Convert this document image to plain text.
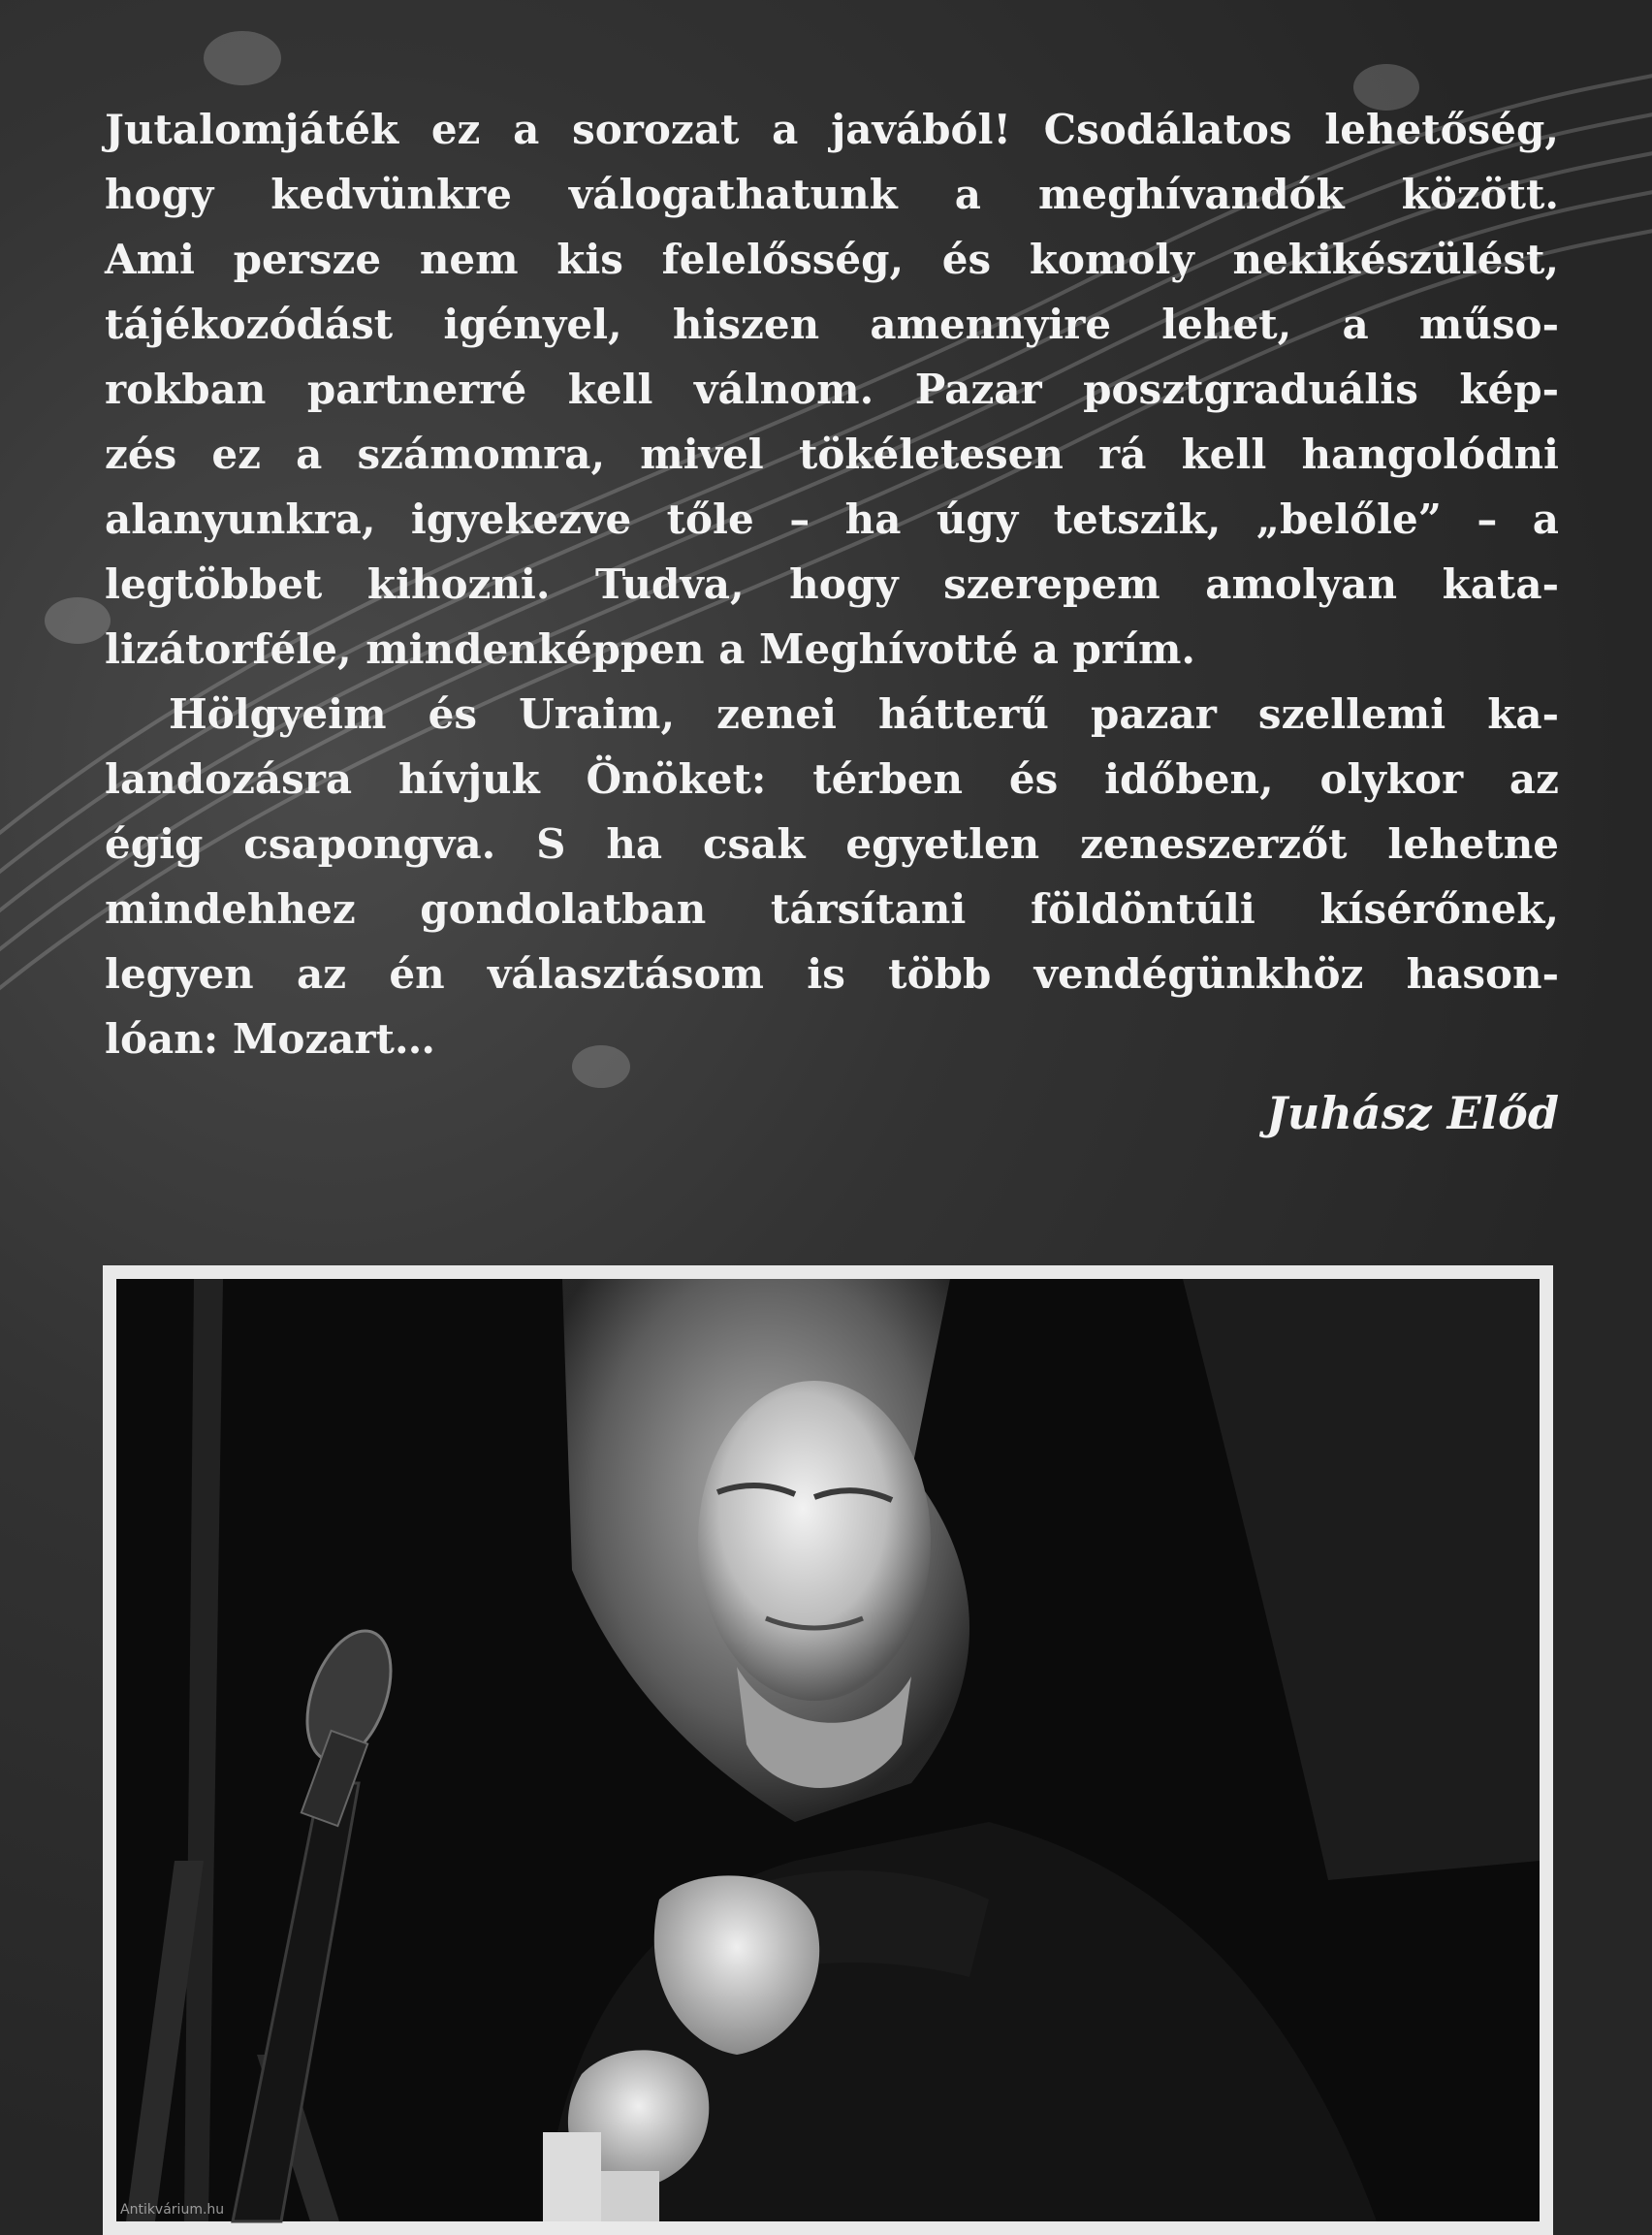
Jutalomjáték ez a sorozat a javából! Csodálatos lehetőség,
hogy kedvünkre válogathatunk a meghívandók között.
Ami persze nem kis felelősség, és komoly nekikészülést,
tájékozódást igényel, hiszen amennyire lehet, a műso-
rokban partnerré kell válnom. Pazar posztgraduális kép-
zés ez a számomra, mivel tökéletesen rá kell hangolódni
alanyunkra, igyekezve tőle – ha úgy tetszik, „belőle” – a
legtöbbet kihozni. Tudva, hogy szerepem amolyan kata-
lizátorféle, mindenképpen a Meghívotté a prím.

Hölgyeim és Uraim, zenei hátterű pazar szellemi ka-
landozásra hívjuk Önöket: térben és időben, olykor az
égig csapongva. S ha csak egyetlen zeneszerzőt lehetne
mindehhez gondolatban társítani földöntúli kísérőnek,
legyen az én választásom is több vendégünkhöz hason-
lóan: Mozart…

Juhász Előd
Antikvárium.hu
